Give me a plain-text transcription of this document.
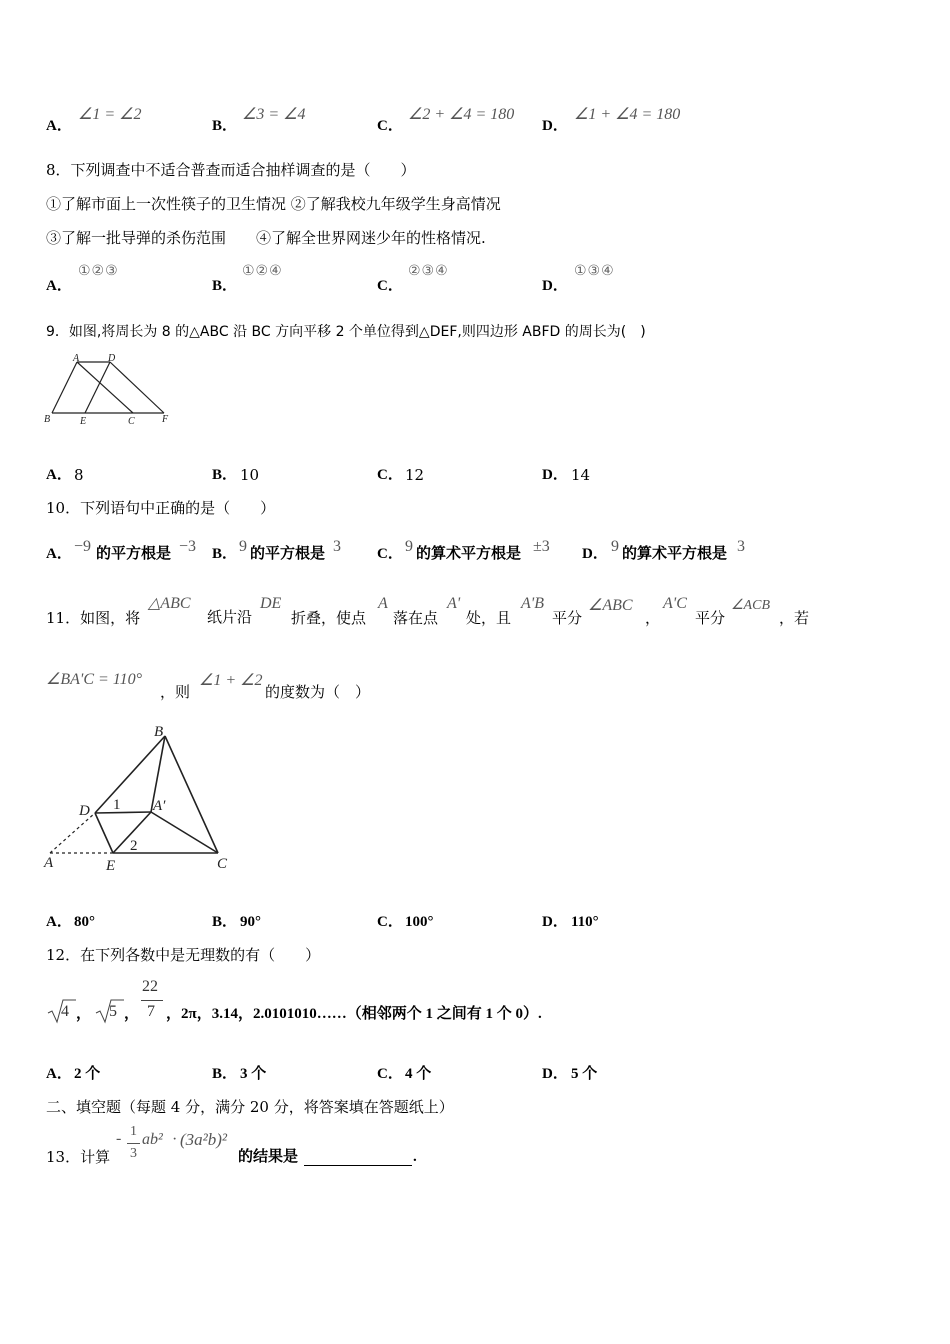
A．
∠1 = ∠2
B．
∠3 = ∠4
C．
∠2 + ∠4 = 180
D．
∠1 + ∠4 = 180
8．下列调查中不适合普查而适合抽样调查的是（　　）
①了解市面上一次性筷子的卫生情况 ②了解我校九年级学生身高情况
③了解一批导弹的杀伤范围　　④了解全世界网迷少年的性格情况.
A．
①②③
B．
①②④
C．
②③④
D．
①③④
9．如图,将周长为 8 的△ABC 沿 BC 方向平移 2 个单位得到△DEF,则四边形 ABFD 的周长为(　)
A	D
B	E	C	F
A． 8	B． 10	C． 12	D． 14
10．下列语句中正确的是（　　）
A． −9 的平方根是 −3 B． 9 的平方根是 3 C． 9 的算术平方根是 ±3 D． 9 的算术平方根是 3
11．如图，将
△ABC
纸片沿
DE
折叠，使点
A
落在点
A'
处，且
A'B
平分
∠ABC
，
A'C
平分
∠ACB
，若
∠BA'C = 110°
，则
∠1 + ∠2
的度数为（　）
B
D	A′
A	E	C
1
2
A． 80°	B． 90°	C． 100°	D． 110°
12．在下列各数中是无理数的有（　　）
4 ， 5 ，
22
7 ，2π，3.14，2.0101010……（相邻两个 1 之间有 1 个 0）.
A． 2 个	B． 3 个	C． 4 个	D． 5 个
二、填空题（每题 4 分，满分 20 分，将答案填在答题纸上）
13．计算
- 1
3
ab² · (3a²b)²
的结果是	.
